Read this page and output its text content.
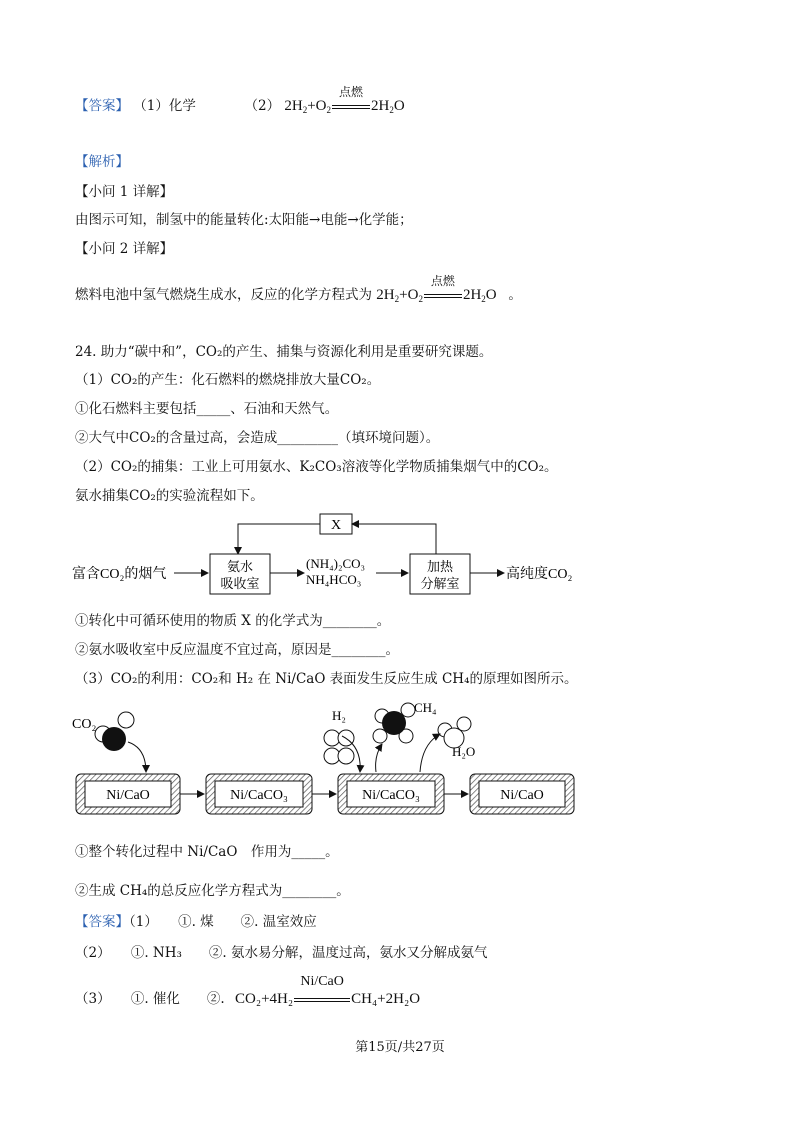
【答案】 （1）化学	（2） $2H_2+O_2$
点燃
$2H_2O$
【解析】
【小问 1 详解】
由图示可知，制氢中的能量转化:太阳能→电能→化学能；
【小问 2 详解】
燃料电池中氢气燃烧生成水，反应的化学方程式为 $2H_2+O_2$
点燃
$2H_2O$ 。
24. 助力“碳中和”，CO₂的产生、捕集与资源化利用是重要研究课题。
（1）CO₂的产生：化石燃料的燃烧排放大量CO₂。
①化石燃料主要包括_____、石油和天然气。
②大气中CO₂的含量过高，会造成_________（填环境问题）。
（2）CO₂的捕集：工业上可用氨水、K₂CO₃溶液等化学物质捕集烟气中的CO₂。
氨水捕集CO₂的实验流程如下。
X
富含CO₂的烟气
氨水
吸收室
(NH₄)₂CO₃
NH₄HCO₃
加热
分解室
高纯度CO₂
①转化中可循环使用的物质 X 的化学式为________。
②氨水吸收室中反应温度不宜过高，原因是________。
（3）CO₂的利用：CO₂和 H₂ 在 Ni/CaO 表面发生反应生成 CH₄的原理如图所示。
CO₂
H₂
CH₄
H₂O
Ni/CaO	Ni/CaCO₃	Ni/CaCO₃	Ni/CaO
①整个转化过程中 Ni/CaO　作用为_____。
②生成 CH₄的总反应化学方程式为________。
【答案】（1）　　①. 煤　　②. 温室效应
（2）　　①. NH₃　　②. 氨水易分解，温度过高，氨水又分解成氨气
（3）　　①. 催化　　②. CO₂+4H₂
Ni/CaO
CH₄+2H₂O
第15页/共27页
